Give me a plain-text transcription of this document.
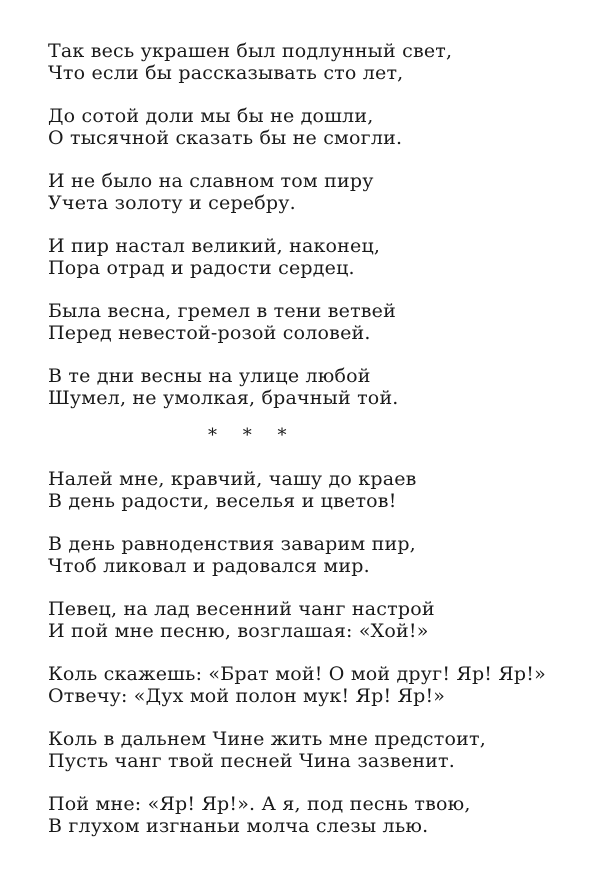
Так весь украшен был подлунный свет,
Что если бы рассказывать сто лет,
До сотой доли мы бы не дошли,
О тысячной сказать бы не смогли.
И не было на славном том пиру
Учета золоту и серебру.
И пир настал великий, наконец,
Пора отрад и радости сердец.
Была весна, гремел в тени ветвей
Перед невестой-розой соловей.
В те дни весны на улице любой
Шумел, не умолкая, брачный той.
* * *
Налей мне, кравчий, чашу до краев
В день радости, веселья и цветов!
В день равноденствия заварим пир,
Чтоб ликовал и радовался мир.
Певец, на лад весенний чанг настрой
И пой мне песню, возглашая: «Хой!»
Коль скажешь: «Брат мой! О мой друг! Яр! Яр!»
Отвечу: «Дух мой полон мук! Яр! Яр!»
Коль в дальнем Чине жить мне предстоит,
Пусть чанг твой песней Чина зазвенит.
Пой мне: «Яр! Яр!». А я, под песнь твою,
В глухом изгнаньи молча слезы лью.
